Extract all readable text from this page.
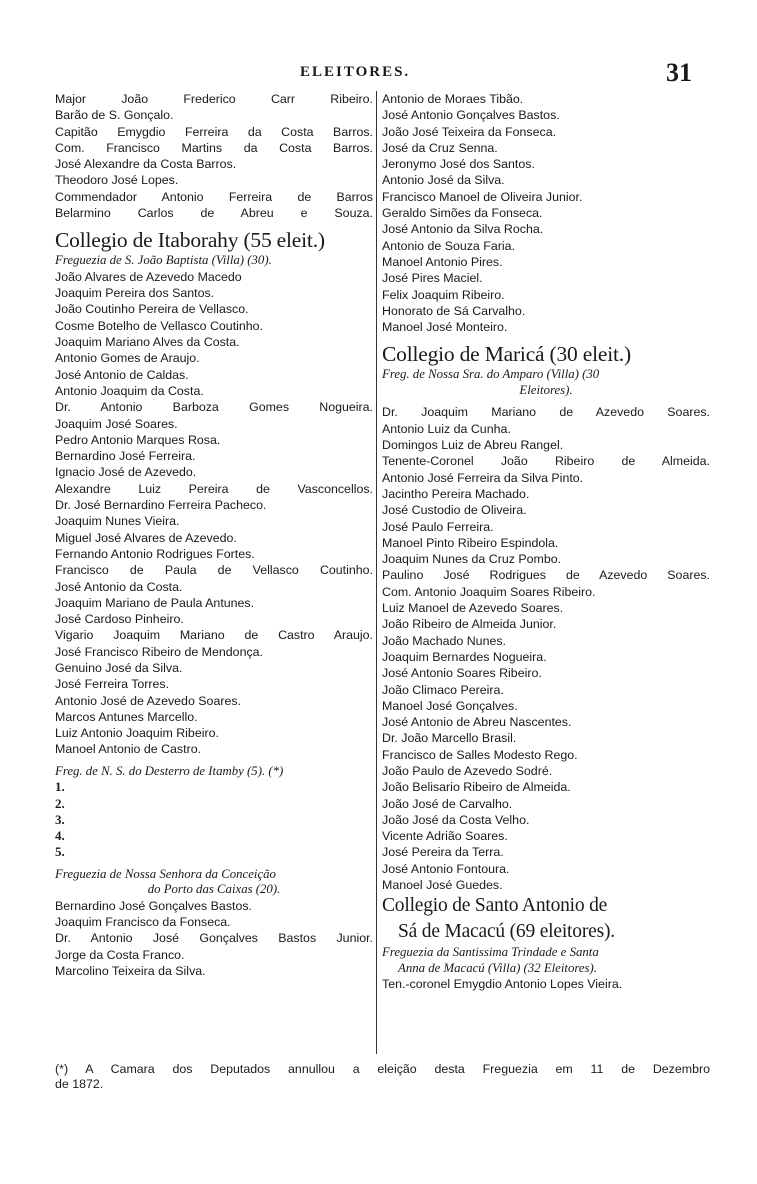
ELEITORES.	31
Major João Frederico Carr Ribeiro.
Barão de S. Gonçalo.
Capitão Emygdio Ferreira da Costa Barros.
Com. Francisco Martins da Costa Barros.
José Alexandre da Costa Barros.
Theodoro José Lopes.
Commendador Antonio Ferreira de Barros
Belarmino Carlos de Abreu e Souza.
Collegio de Itaborahy (55 eleit.)
Freguezia de S. João Baptista (Villa) (30).
João Alvares de Azevedo Macedo
Joaquim Pereira dos Santos.
João Coutinho Pereira de Vellasco.
Cosme Botelho de Vellasco Coutinho.
Joaquim Mariano Alves da Costa.
Antonio Gomes de Araujo.
José Antonio de Caldas.
Antonio Joaquim da Costa.
Dr. Antonio Barboza Gomes Nogueira.
Joaquim José Soares.
Pedro Antonio Marques Rosa.
Bernardino José Ferreira.
Ignacio José de Azevedo.
Alexandre Luiz Pereira de Vasconcellos.
Dr. José Bernardino Ferreira Pacheco.
Joaquim Nunes Vieira.
Miguel José Alvares de Azevedo.
Fernando Antonio Rodrigues Fortes.
Francisco de Paula de Vellasco Coutinho.
José Antonio da Costa.
Joaquim Mariano de Paula Antunes.
José Cardoso Pinheiro.
Vigario Joaquim Mariano de Castro Araujo.
José Francisco Ribeiro de Mendonça.
Genuino José da Silva.
José Ferreira Torres.
Antonio José de Azevedo Soares.
Marcos Antunes Marcello.
Luiz Antonio Joaquim Ribeiro.
Manoel Antonio de Castro.
Freg. de N. S. do Desterro de Itamby (5). (*)
1.
2.
3.
4.
5.
Freguezia de Nossa Senhora da Conceição
do Porto das Caixas (20).
Bernardino José Gonçalves Bastos.
Joaquim Francisco da Fonseca.
Dr. Antonio José Gonçalves Bastos Junior.
Jorge da Costa Franco.
Marcolino Teixeira da Silva.
Antonio de Moraes Tibão.
José Antonio Gonçalves Bastos.
João José Teixeira da Fonseca.
José da Cruz Senna.
Jeronymo José dos Santos.
Antonio José da Silva.
Francisco Manoel de Oliveira Junior.
Geraldo Simões da Fonseca.
José Antonio da Silva Rocha.
Antonio de Souza Faria.
Manoel Antonio Pires.
José Pires Maciel.
Felix Joaquim Ribeiro.
Honorato de Sá Carvalho.
Manoel José Monteiro.
Collegio de Maricá (30 eleit.)
Freg. de Nossa Sra. do Amparo (Villa) (30
Eleitores).
Dr. Joaquim Mariano de Azevedo Soares.
Antonio Luiz da Cunha.
Domingos Luiz de Abreu Rangel.
Tenente-Coronel João Ribeiro de Almeida.
Antonio José Ferreira da Silva Pinto.
Jacintho Pereira Machado.
José Custodio de Oliveira.
José Paulo Ferreira.
Manoel Pinto Ribeiro Espindola.
Joaquim Nunes da Cruz Pombo.
Paulino José Rodrigues de Azevedo Soares.
Com. Antonio Joaquim Soares Ribeiro.
Luiz Manoel de Azevedo Soares.
João Ribeiro de Almeida Junior.
João Machado Nunes.
Joaquim Bernardes Nogueira.
José Antonio Soares Ribeiro.
João Climaco Pereira.
Manoel José Gonçalves.
José Antonio de Abreu Nascentes.
Dr. João Marcello Brasil.
Francisco de Salles Modesto Rego.
João Paulo de Azevedo Sodré.
João Belisario Ribeiro de Almeida.
João José de Carvalho.
João José da Costa Velho.
Vicente Adrião Soares.
José Pereira da Terra.
José Antonio Fontoura.
Manoel José Guedes.
Collegio de Santo Antonio de
Sá de Macacú (69 eleitores).
Freguezia da Santissima Trindade e Santa
Anna de Macacú (Villa) (32 Eleitores).
Ten.-coronel Emygdio Antonio Lopes Vieira.
(*) A Camara dos Deputados annullou a eleição desta Freguezia em 11 de Dezembro
de 1872.
